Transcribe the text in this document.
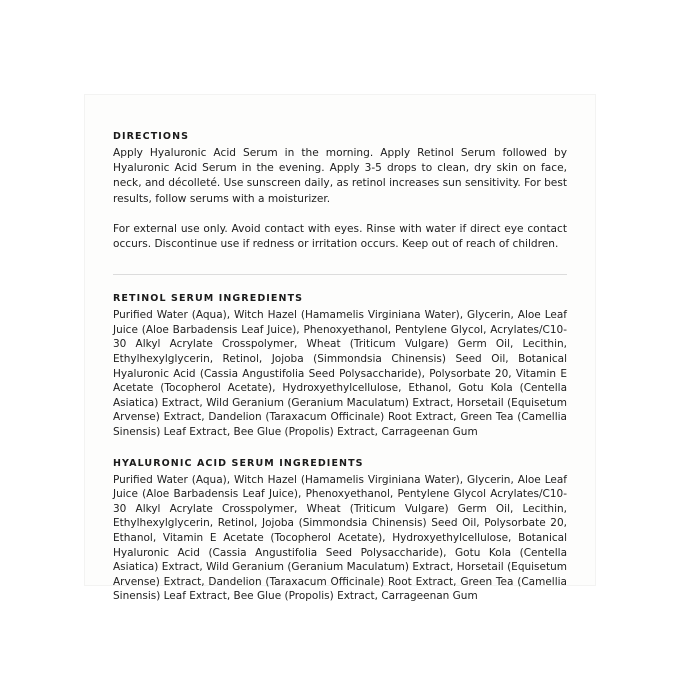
DIRECTIONS

Apply Hyaluronic Acid Serum in the morning. Apply Retinol Serum followed by Hyaluronic Acid Serum in the evening. Apply 3-5 drops to clean, dry skin on face, neck, and décolleté. Use sunscreen daily, as retinol increases sun sensitivity. For best results, follow serums with a moisturizer.

For external use only. Avoid contact with eyes. Rinse with water if direct eye contact occurs. Discontinue use if redness or irritation occurs. Keep out of reach of children.

RETINOL SERUM INGREDIENTS

Purified Water (Aqua), Witch Hazel (Hamamelis Virginiana Water), Glycerin, Aloe Leaf Juice (Aloe Barbadensis Leaf Juice), Phenoxyethanol, Pentylene Glycol, Acrylates/C10-30 Alkyl Acrylate Crosspolymer, Wheat (Triticum Vulgare) Germ Oil, Lecithin, Ethylhexylglycerin, Retinol, Jojoba (Simmondsia Chinensis) Seed Oil, Botanical Hyaluronic Acid (Cassia Angustifolia Seed Polysaccharide), Polysorbate 20, Vitamin E Acetate (Tocopherol Acetate), Hydroxyethylcellulose, Ethanol, Gotu Kola (Centella Asiatica) Extract, Wild Geranium (Geranium Maculatum) Extract, Horsetail (Equisetum Arvense) Extract, Dandelion (Taraxacum Officinale) Root Extract, Green Tea (Camellia Sinensis) Leaf Extract, Bee Glue (Propolis) Extract, Carrageenan Gum

HYALURONIC ACID SERUM INGREDIENTS

Purified Water (Aqua), Witch Hazel (Hamamelis Virginiana Water), Glycerin, Aloe Leaf Juice (Aloe Barbadensis Leaf Juice), Phenoxyethanol, Pentylene Glycol Acrylates/C10-30 Alkyl Acrylate Crosspolymer, Wheat (Triticum Vulgare) Germ Oil, Lecithin, Ethylhexylglycerin, Retinol, Jojoba (Simmondsia Chinensis) Seed Oil, Polysorbate 20, Ethanol, Vitamin E Acetate (Tocopherol Acetate), Hydroxyethylcellulose, Botanical Hyaluronic Acid (Cassia Angustifolia Seed Polysaccharide), Gotu Kola (Centella Asiatica) Extract, Wild Geranium (Geranium Maculatum) Extract, Horsetail (Equisetum Arvense) Extract, Dandelion (Taraxacum Officinale) Root Extract, Green Tea (Camellia Sinensis) Leaf Extract, Bee Glue (Propolis) Extract, Carrageenan Gum
